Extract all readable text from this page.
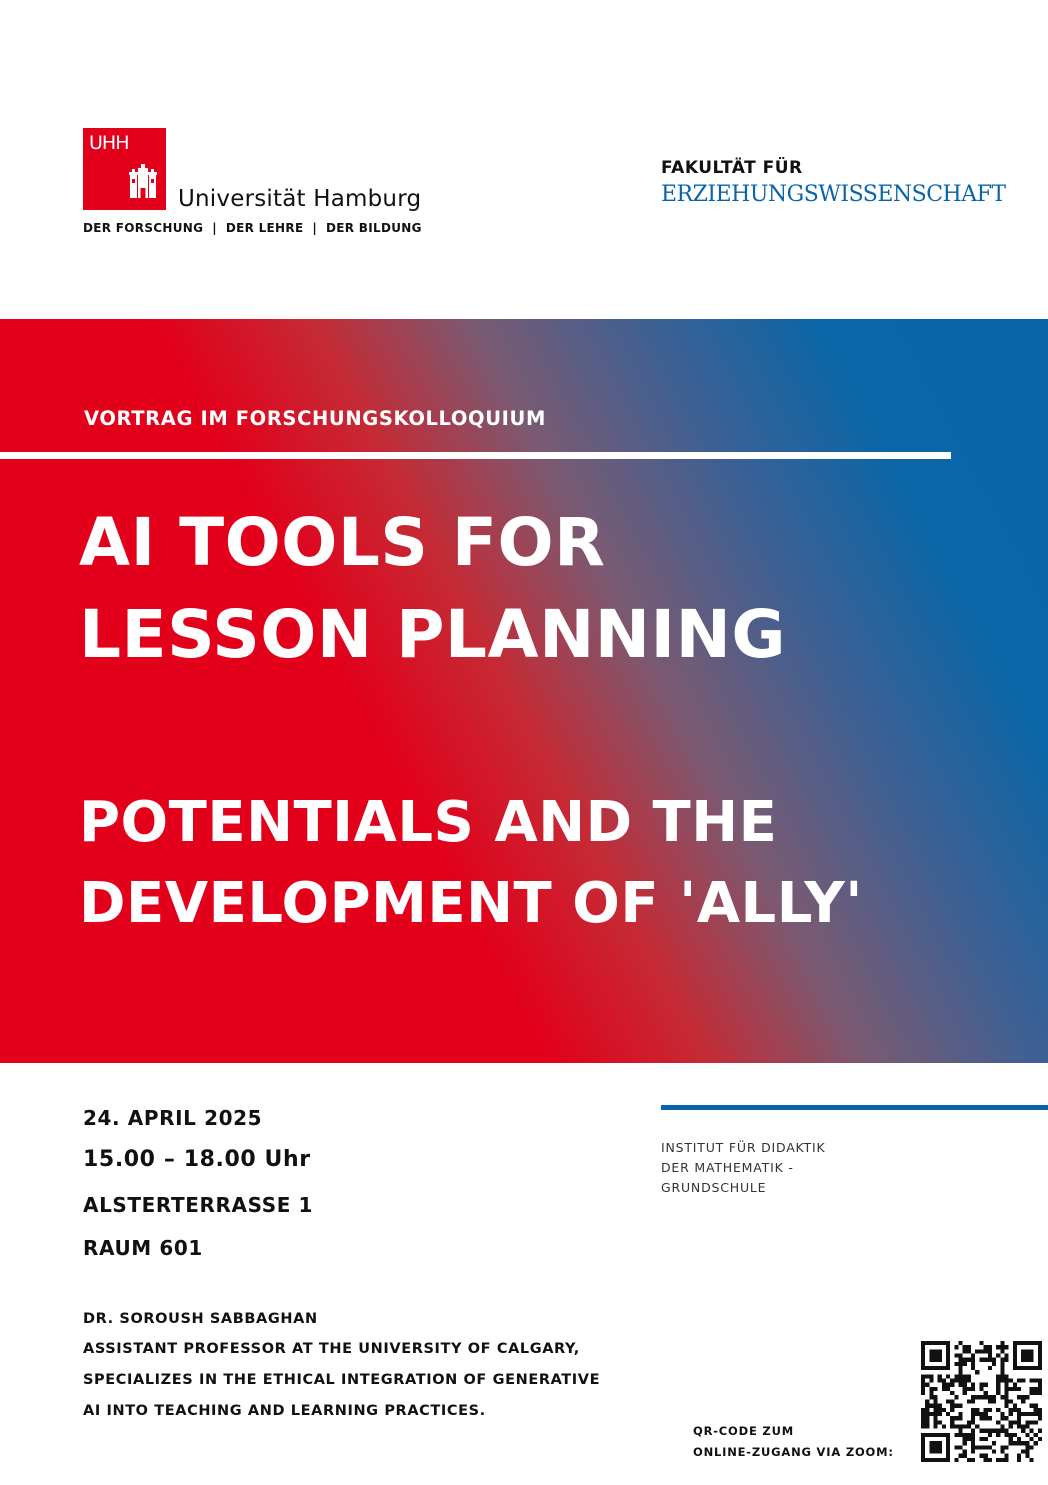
UHH
Universität Hamburg
DER FORSCHUNG  |  DER LEHRE  |  DER BILDUNG
FAKULTÄT FÜR
ERZIEHUNGSWISSENSCHAFT
VORTRAG IM FORSCHUNGSKOLLOQUIUM
AI TOOLS FOR
LESSON PLANNING
POTENTIALS AND THE
DEVELOPMENT OF 'ALLY'
24. APRIL 2025
15.00 – 18.00 Uhr
ALSTERTERRASSE 1
RAUM 601
INSTITUT FÜR DIDAKTIK
DER MATHEMATIK -
GRUNDSCHULE
DR. SOROUSH SABBAGHAN
ASSISTANT PROFESSOR AT THE UNIVERSITY OF CALGARY,
SPECIALIZES IN THE ETHICAL INTEGRATION OF GENERATIVE
AI INTO TEACHING AND LEARNING PRACTICES.
QR-CODE ZUM
ONLINE-ZUGANG VIA ZOOM:
